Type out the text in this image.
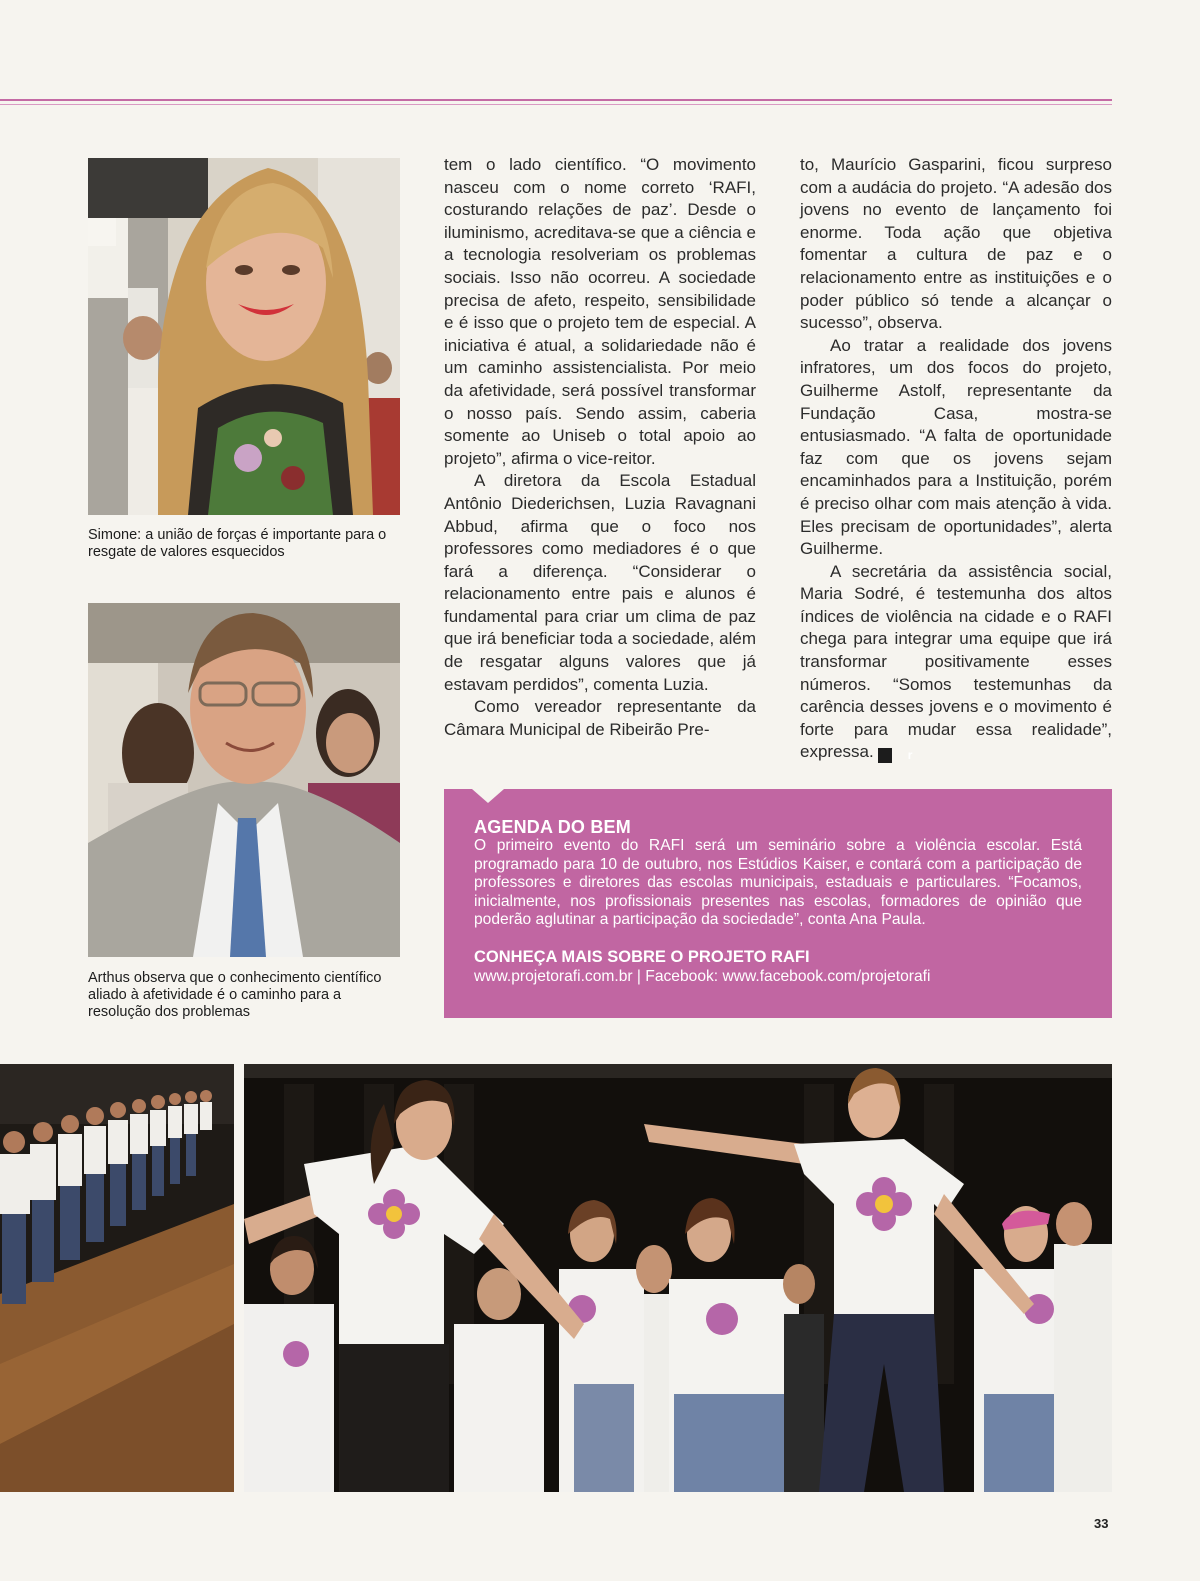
Simone: a união de forças é importante para o resgate de valores esquecidos
Arthus observa que o conhecimento científico aliado à afetividade é o caminho para a resolução dos problemas

tem o lado científico. “O movimento nasceu com o nome correto ‘RAFI, costurando relações de paz’. Desde o iluminismo, acreditava-se que a ciência e a tecnologia resolveriam os problemas sociais. Isso não ocorreu. A sociedade precisa de afeto, respeito, sensibilidade e é isso que o projeto tem de especial. A iniciativa é atual, a solidariedade não é um caminho assistencialista. Por meio da afetividade, será possível transformar o nosso país. Sendo assim, caberia somente ao Uniseb o total apoio ao projeto”, afirma o vice-reitor.

A diretora da Escola Estadual Antônio Diederichsen, Luzia Ravagnani Abbud, afirma que o foco nos professores como mediadores é o que fará a diferença. “Considerar o relacionamento entre pais e alunos é fundamental para criar um clima de paz que irá beneficiar toda a sociedade, além de resgatar alguns valores que já estavam perdidos”, comenta Luzia.

Como vereador representante da Câmara Municipal de Ribeirão Pre-

to, Maurício Gasparini, ficou surpreso com a audácia do projeto. “A adesão dos jovens no evento de lançamento foi enorme. Toda ação que objetiva fomentar a cultura de paz e o relacionamento entre as instituições e o poder público só tende a alcançar o sucesso”, observa.

Ao tratar a realidade dos jovens infratores, um dos focos do projeto, Guilherme Astolf, representante da Fundação Casa, mostra-se entusiasmado. “A falta de oportunidade faz com que os jovens sejam encaminhados para a Instituição, porém é preciso olhar com mais atenção à vida. Eles precisam de oportunidades”, alerta Guilherme.

A secretária da assistência social, Maria Sodré, é testemunha dos altos índices de violência na cidade e o RAFI chega para integrar uma equipe que irá transformar positivamente esses números. “Somos testemunhas da carência desses jovens e o movimento é forte para mudar essa realidade”, expressa.	r

AGENDA DO BEM
O primeiro evento do RAFI será um seminário sobre a violência escolar. Está programado para 10 de outubro, nos Estúdios Kaiser, e contará com a participação de professores e diretores das escolas municipais, estaduais e particulares. “Focamos, inicialmente, nos profissionais presentes nas escolas, formadores de opinião que poderão aglutinar a participação da sociedade”, conta Ana Paula.
CONHEÇA MAIS SOBRE O PROJETO RAFI
www.projetorafi.com.br | Facebook: www.facebook.com/projetorafi
33
